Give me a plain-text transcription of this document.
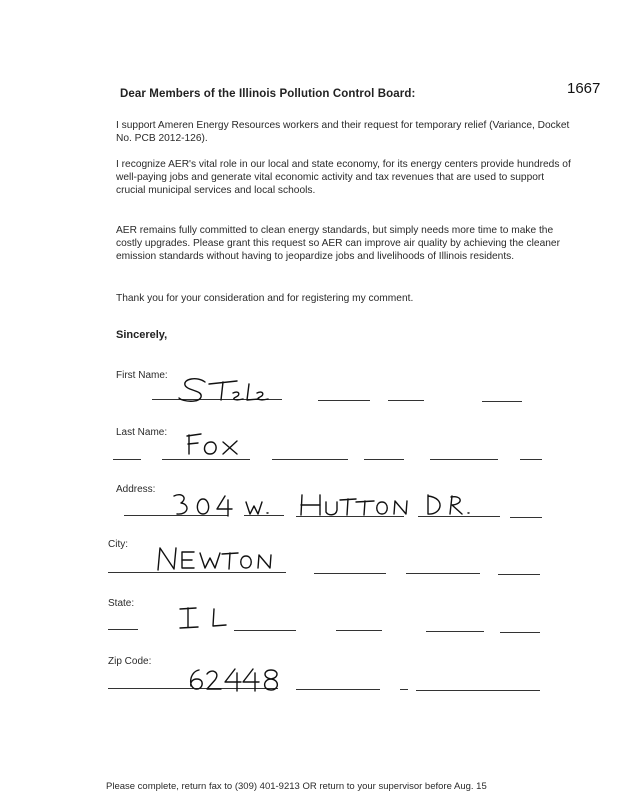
1667
Dear Members of the Illinois Pollution Control Board:
I support Ameren Energy Resources workers and their request for temporary relief (Variance, Docket No. PCB 2012-126).
I recognize AER's vital role in our local and state economy, for its energy centers provide hundreds of well-paying jobs and generate vital economic activity and tax revenues that are used to support crucial municipal services and local schools.
AER remains fully committed to clean energy standards, but simply needs more time to make the costly upgrades. Please grant this request so AER can improve air quality by achieving the cleaner emission standards without having to jeopardize jobs and livelihoods of Illinois residents.
Thank you for your consideration and for registering my comment.
Sincerely,
First Name:
Last Name:
Address:
City:
State:
Zip Code:
Please complete, return fax to (309) 401-9213 OR return to your supervisor before Aug. 15
